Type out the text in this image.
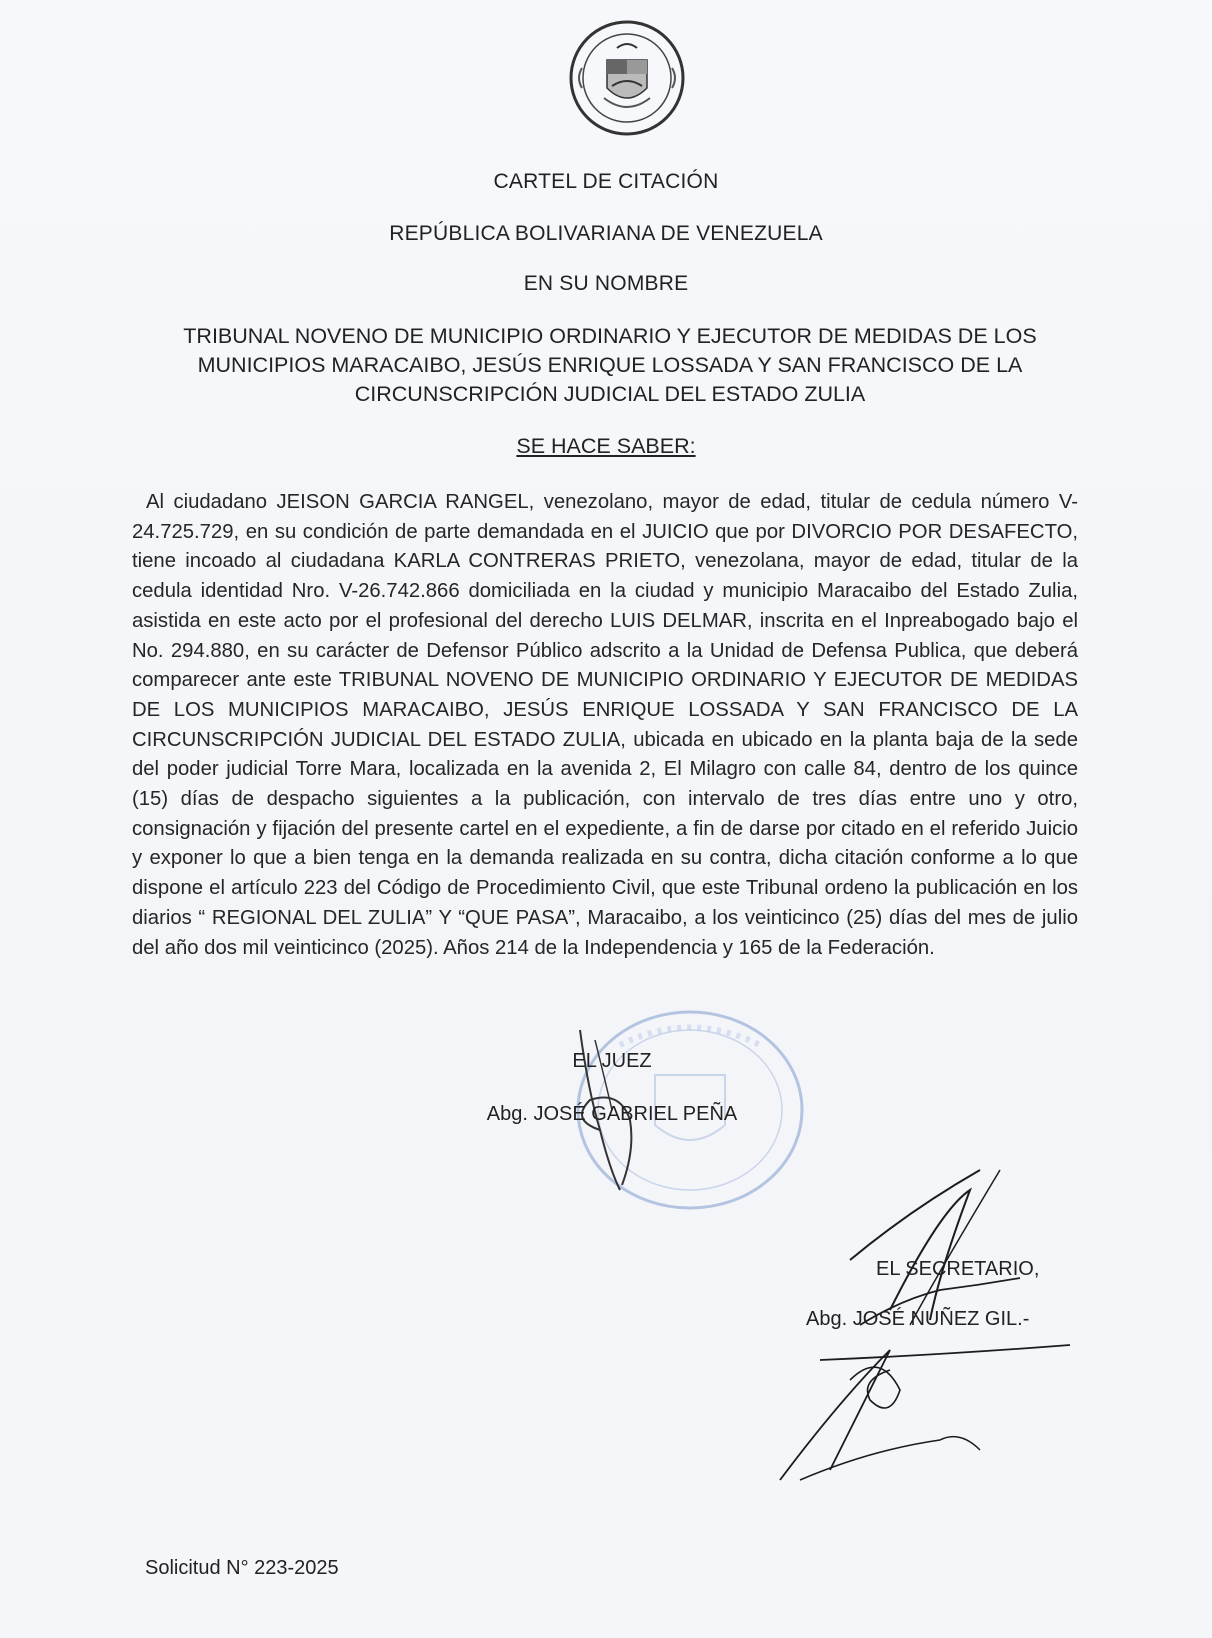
CARTEL DE CITACIÓN
REPÚBLICA BOLIVARIANA DE VENEZUELA
EN SU NOMBRE
TRIBUNAL NOVENO DE MUNICIPIO ORDINARIO Y EJECUTOR DE MEDIDAS DE LOS
MUNICIPIOS MARACAIBO, JESÚS ENRIQUE LOSSADA Y SAN FRANCISCO DE LA
CIRCUNSCRIPCIÓN JUDICIAL DEL ESTADO ZULIA
SE HACE SABER:
Al ciudadano JEISON GARCIA RANGEL, venezolano, mayor de edad, titular de cedula número V-24.725.729, en su condición de parte demandada en el JUICIO que por DIVORCIO POR DESAFECTO, tiene incoado al ciudadana KARLA CONTRERAS PRIETO, venezolana, mayor de edad, titular de la cedula identidad Nro. V-26.742.866 domiciliada en la ciudad y municipio Maracaibo del Estado Zulia, asistida en este acto por el profesional del derecho LUIS DELMAR, inscrita en el Inpreabogado bajo el No. 294.880, en su carácter de Defensor Público adscrito a la Unidad de Defensa Publica, que deberá comparecer ante este TRIBUNAL NOVENO DE MUNICIPIO ORDINARIO Y EJECUTOR DE MEDIDAS DE LOS MUNICIPIOS MARACAIBO, JESÚS ENRIQUE LOSSADA Y SAN FRANCISCO DE LA CIRCUNSCRIPCIÓN JUDICIAL DEL ESTADO ZULIA, ubicada en ubicado en la planta baja de la sede del poder judicial Torre Mara, localizada en la avenida 2, El Milagro con calle 84, dentro de los quince (15) días de despacho siguientes a la publicación, con intervalo de tres días entre uno y otro, consignación y fijación del presente cartel en el expediente, a fin de darse por citado en el referido Juicio y exponer lo que a bien tenga en la demanda realizada en su contra, dicha citación conforme a lo que dispone el artículo 223 del Código de Procedimiento Civil, que este Tribunal ordeno la publicación en los diarios “ REGIONAL DEL ZULIA” Y “QUE PASA”, Maracaibo, a los veinticinco (25) días del mes de julio del año dos mil veinticinco (2025). Años 214 de la Independencia y 165 de la Federación.
EL JUEZ
Abg. JOSÉ GABRIEL PEÑA
EL SECRETARIO,
Abg. JOSÉ NUÑEZ GIL.-
Solicitud N° 223-2025
